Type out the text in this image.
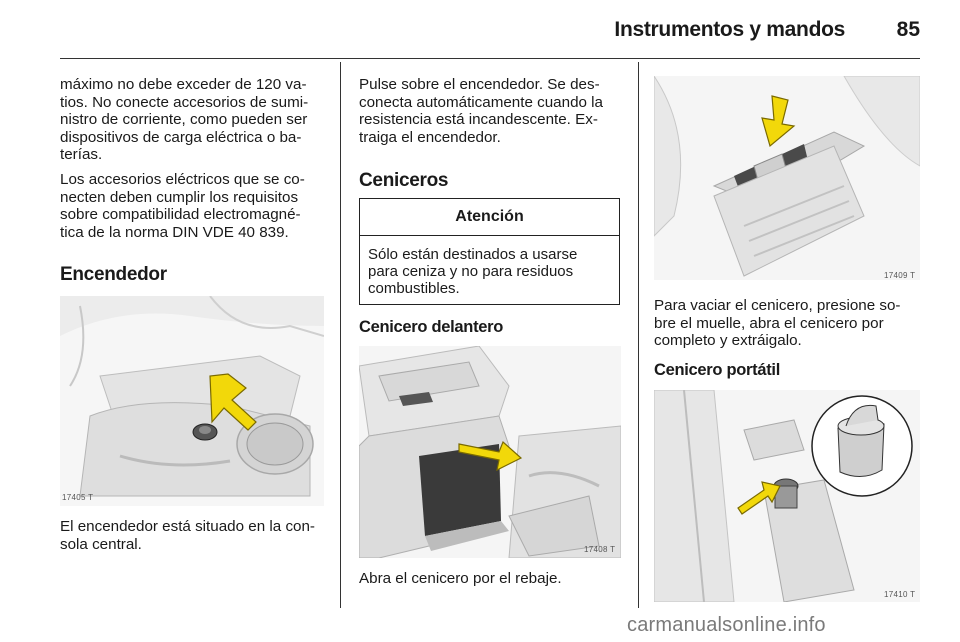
Instrumentos y mandos	85
máximo no debe exceder de 120 va-
tios. No conecte accesorios de sumi-
nistro de corriente, como pueden ser
dispositivos de carga eléctrica o ba-
terías.
Los accesorios eléctricos que se co-
necten deben cumplir los requisitos
sobre compatibilidad electromagné-
tica de la norma DIN VDE 40 839.
Encendedor
17405 T
El encendedor está situado en la con-
sola central.
Pulse sobre el encendedor. Se des-
conecta automáticamente cuando la
resistencia está incandescente. Ex-
traiga el encendedor.
Ceniceros
Atención
Sólo están destinados a usarse
para ceniza y no para residuos
combustibles.
Cenicero delantero
17408 T
Abra el cenicero por el rebaje.
17409 T
Para vaciar el cenicero, presione so-
bre el muelle, abra el cenicero por
completo y extráigalo.
Cenicero portátil
17410 T
carmanualsonline.info
